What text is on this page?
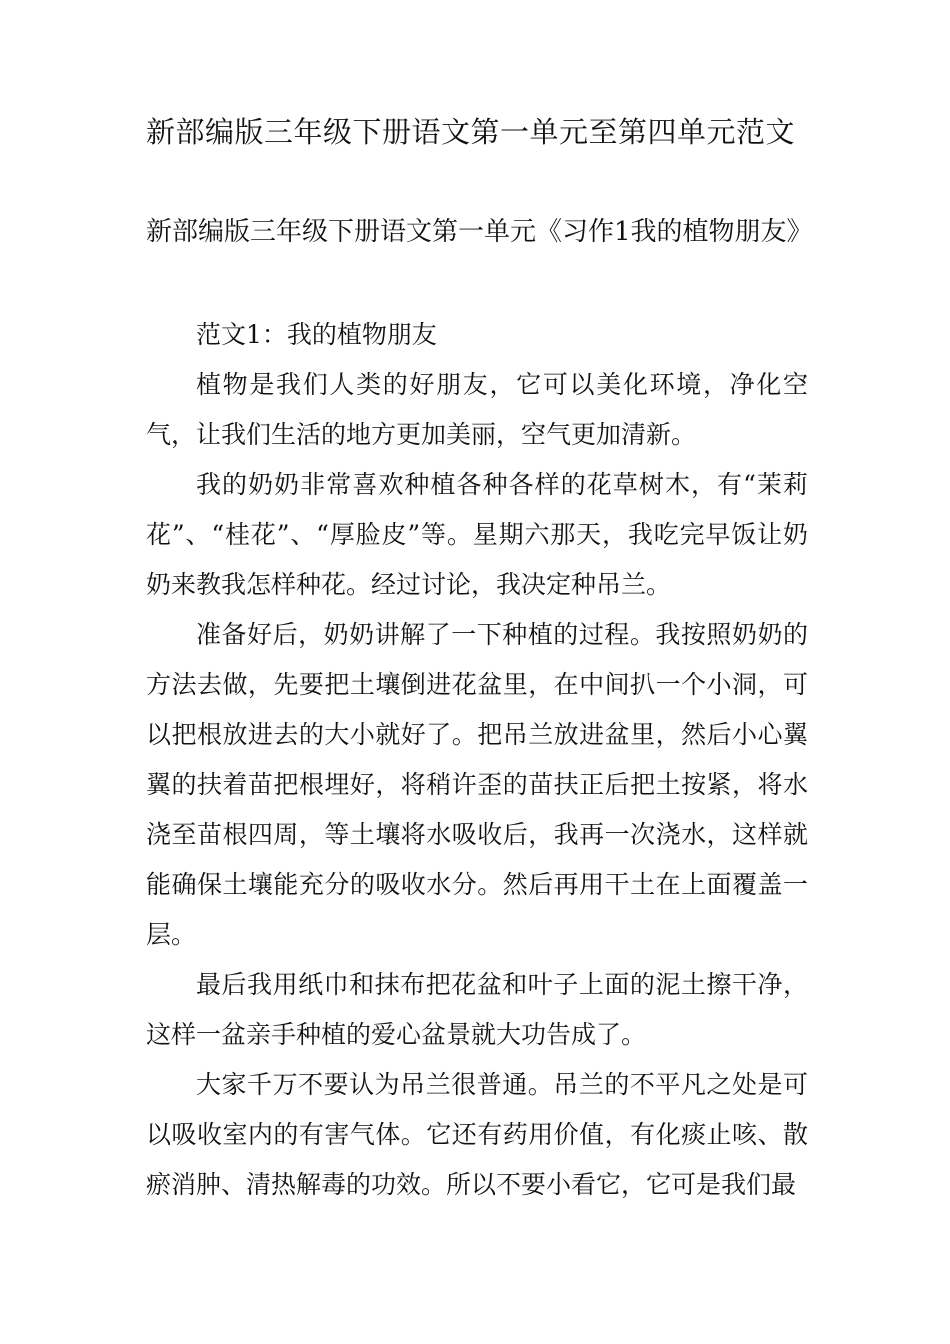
新部编版三年级下册语文第一单元至第四单元范文
新部编版三年级下册语文第一单元《习作1我的植物朋友》

范文1：我的植物朋友

植物是我们人类的好朋友，它可以美化环境，净化空气，让我们生活的地方更加美丽，空气更加清新。

我的奶奶非常喜欢种植各种各样的花草树木，有“茉莉花”、“桂花”、“厚脸皮”等。星期六那天，我吃完早饭让奶奶来教我怎样种花。经过讨论，我决定种吊兰。

准备好后，奶奶讲解了一下种植的过程。我按照奶奶的方法去做，先要把土壤倒进花盆里，在中间扒一个小洞，可以把根放进去的大小就好了。把吊兰放进盆里，然后小心翼翼的扶着苗把根埋好，将稍许歪的苗扶正后把土按紧，将水浇至苗根四周，等土壤将水吸收后，我再一次浇水，这样就能确保土壤能充分的吸收水分。然后再用干土在上面覆盖一层。

最后我用纸巾和抹布把花盆和叶子上面的泥土擦干净，这样一盆亲手种植的爱心盆景就大功告成了。

大家千万不要认为吊兰很普通。吊兰的不平凡之处是可以吸收室内的有害气体。它还有药用价值，有化痰止咳、散瘀消肿、清热解毒的功效。所以不要小看它，它可是我们最
